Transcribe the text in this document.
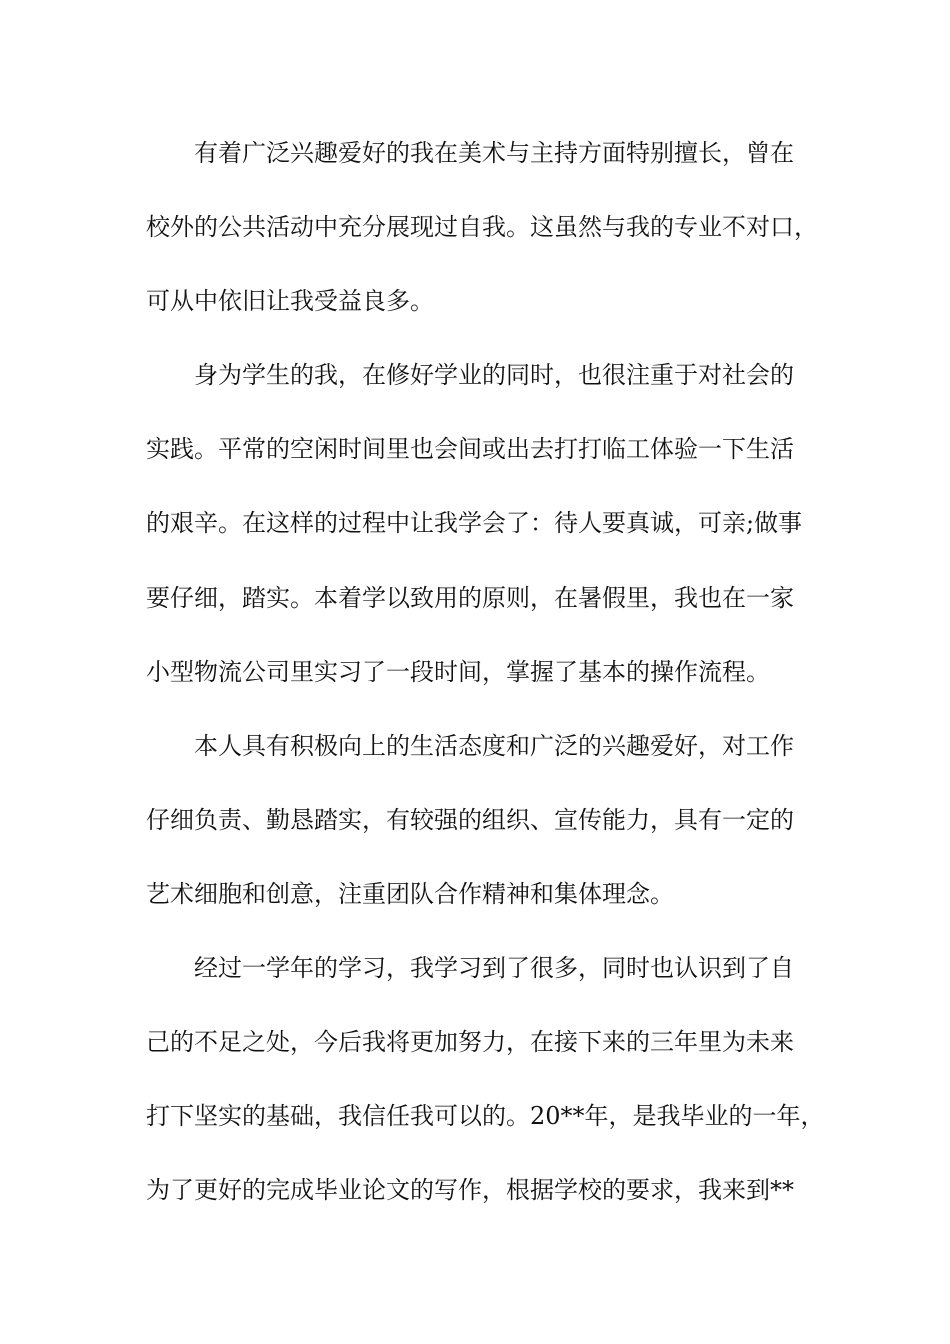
有着广泛兴趣爱好的我在美术与主持方面特别擅长，曾在
校外的公共活动中充分展现过自我。这虽然与我的专业不对口，
可从中依旧让我受益良多。
身为学生的我，在修好学业的同时，也很注重于对社会的
实践。平常的空闲时间里也会间或出去打打临工体验一下生活
的艰辛。在这样的过程中让我学会了：待人要真诚，可亲;做事
要仔细，踏实。本着学以致用的原则，在暑假里，我也在一家
小型物流公司里实习了一段时间，掌握了基本的操作流程。
本人具有积极向上的生活态度和广泛的兴趣爱好，对工作
仔细负责、勤恳踏实，有较强的组织、宣传能力，具有一定的
艺术细胞和创意，注重团队合作精神和集体理念。
经过一学年的学习，我学习到了很多，同时也认识到了自
己的不足之处，今后我将更加努力，在接下来的三年里为未来
打下坚实的基础，我信任我可以的。20**年，是我毕业的一年，
为了更好的完成毕业论文的写作，根据学校的要求，我来到**
